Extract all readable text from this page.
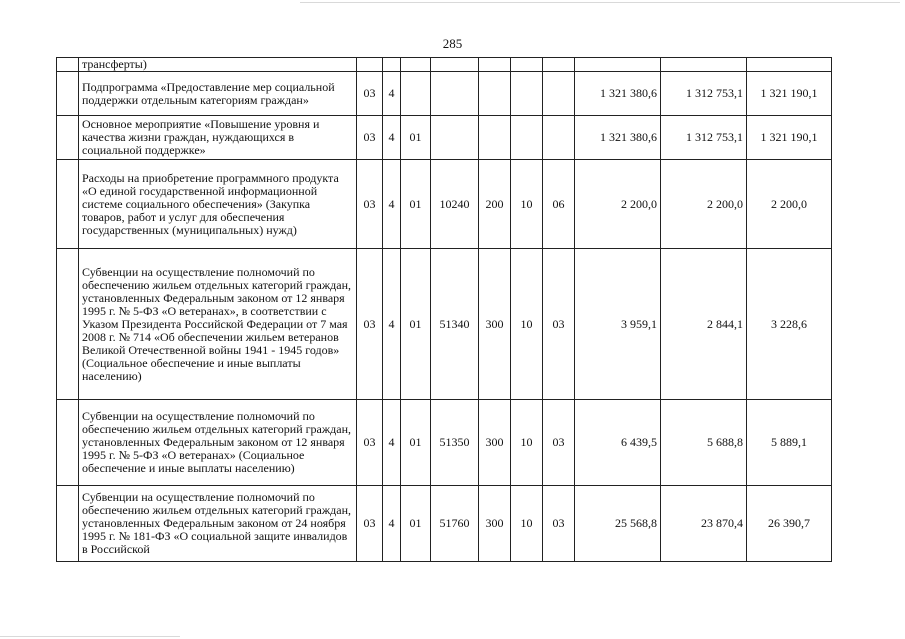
285
	трансферты)										
	Подпрограмма «Предоставление мер социальной поддержки отдельным категориям граждан»	03	4						1 321 380,6	1 312 753,1	1 321 190,1
	Основное мероприятие «Повышение уровня и качества жизни граждан, нуждающихся в социальной поддержке»	03	4	01					1 321 380,6	1 312 753,1	1 321 190,1
	Расходы на приобретение программного продукта «О единой государственной информационной системе социального обеспечения» (Закупка товаров, работ и услуг для обеспечения государственных (муниципальных) нужд)	03	4	01	10240	200	10	06	2 200,0	2 200,0	2 200,0
	Субвенции на осуществление полномочий по обеспечению жильем отдельных категорий граждан, установленных Федеральным законом от 12 января 1995 г. № 5-ФЗ «О ветеранах», в соответствии с Указом Президента Российской Федерации от 7 мая 2008 г. № 714 «Об обеспечении жильем ветеранов Великой Отечественной войны 1941 - 1945 годов» (Социальное обеспечение и иные выплаты населению)	03	4	01	51340	300	10	03	3 959,1	2 844,1	3 228,6
	Субвенции на осуществление полномочий по обеспечению жильем отдельных категорий граждан, установленных Федеральным законом от 12 января 1995 г. № 5-ФЗ «О ветеранах» (Социальное обеспечение и иные выплаты населению)	03	4	01	51350	300	10	03	6 439,5	5 688,8	5 889,1
	Субвенции на осуществление полномочий по обеспечению жильем отдельных категорий граждан, установленных Федеральным законом от 24 ноября 1995 г. № 181-ФЗ «О социальной защите инвалидов в Российской	03	4	01	51760	300	10	03	25 568,8	23 870,4	26 390,7
